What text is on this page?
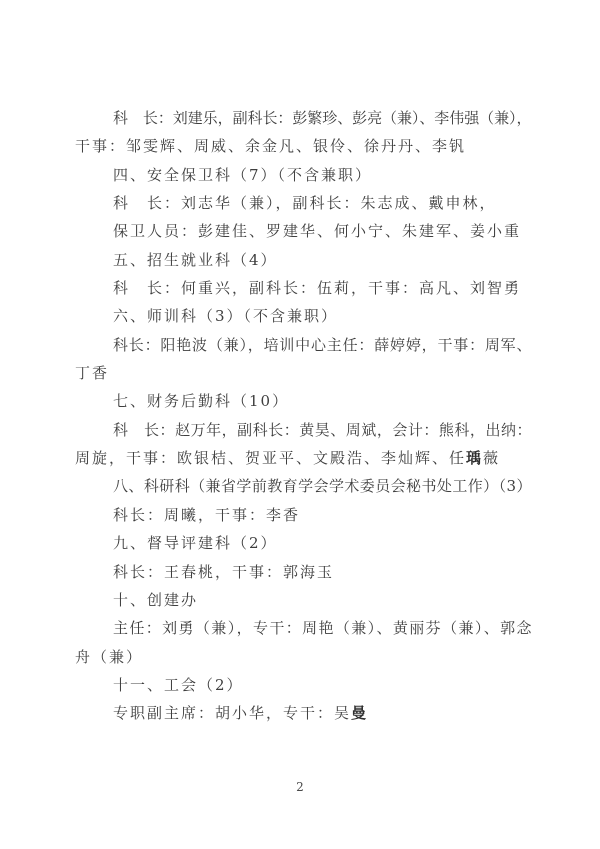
科　长：刘建乐，副科长：彭繁珍、彭亮（兼）、李伟强（兼），
干事：邹雯辉、周威、余金凡、银伶、徐丹丹、李钒
四、安全保卫科（7）（不含兼职）
科　长：刘志华（兼），副科长：朱志成、戴申林，
保卫人员：彭建佳、罗建华、何小宁、朱建军、姜小重
五、招生就业科（4）
科　长：何重兴，副科长：伍莉，干事：高凡、刘智勇
六、师训科（3）（不含兼职）
科长：阳艳波（兼），培训中心主任：薛婷婷，干事：周军、
丁香
七、财务后勤科（10）
科　长：赵万年，副科长：黄昊、周斌，会计：熊科，出纳：
周旋，干事：欧银桔、贺亚平、文殿浩、李灿辉、任瑀薇
八、科研科（兼省学前教育学会学术委员会秘书处工作）（3）
科长：周曦，干事：李香
九、督导评建科（2）
科长：王春桃，干事：郭海玉
十、创建办
主任：刘勇（兼），专干：周艳（兼）、黄丽芬（兼）、郭念
舟（兼）
十一、工会（2）
专职副主席：胡小华，专干：吴曼
2
